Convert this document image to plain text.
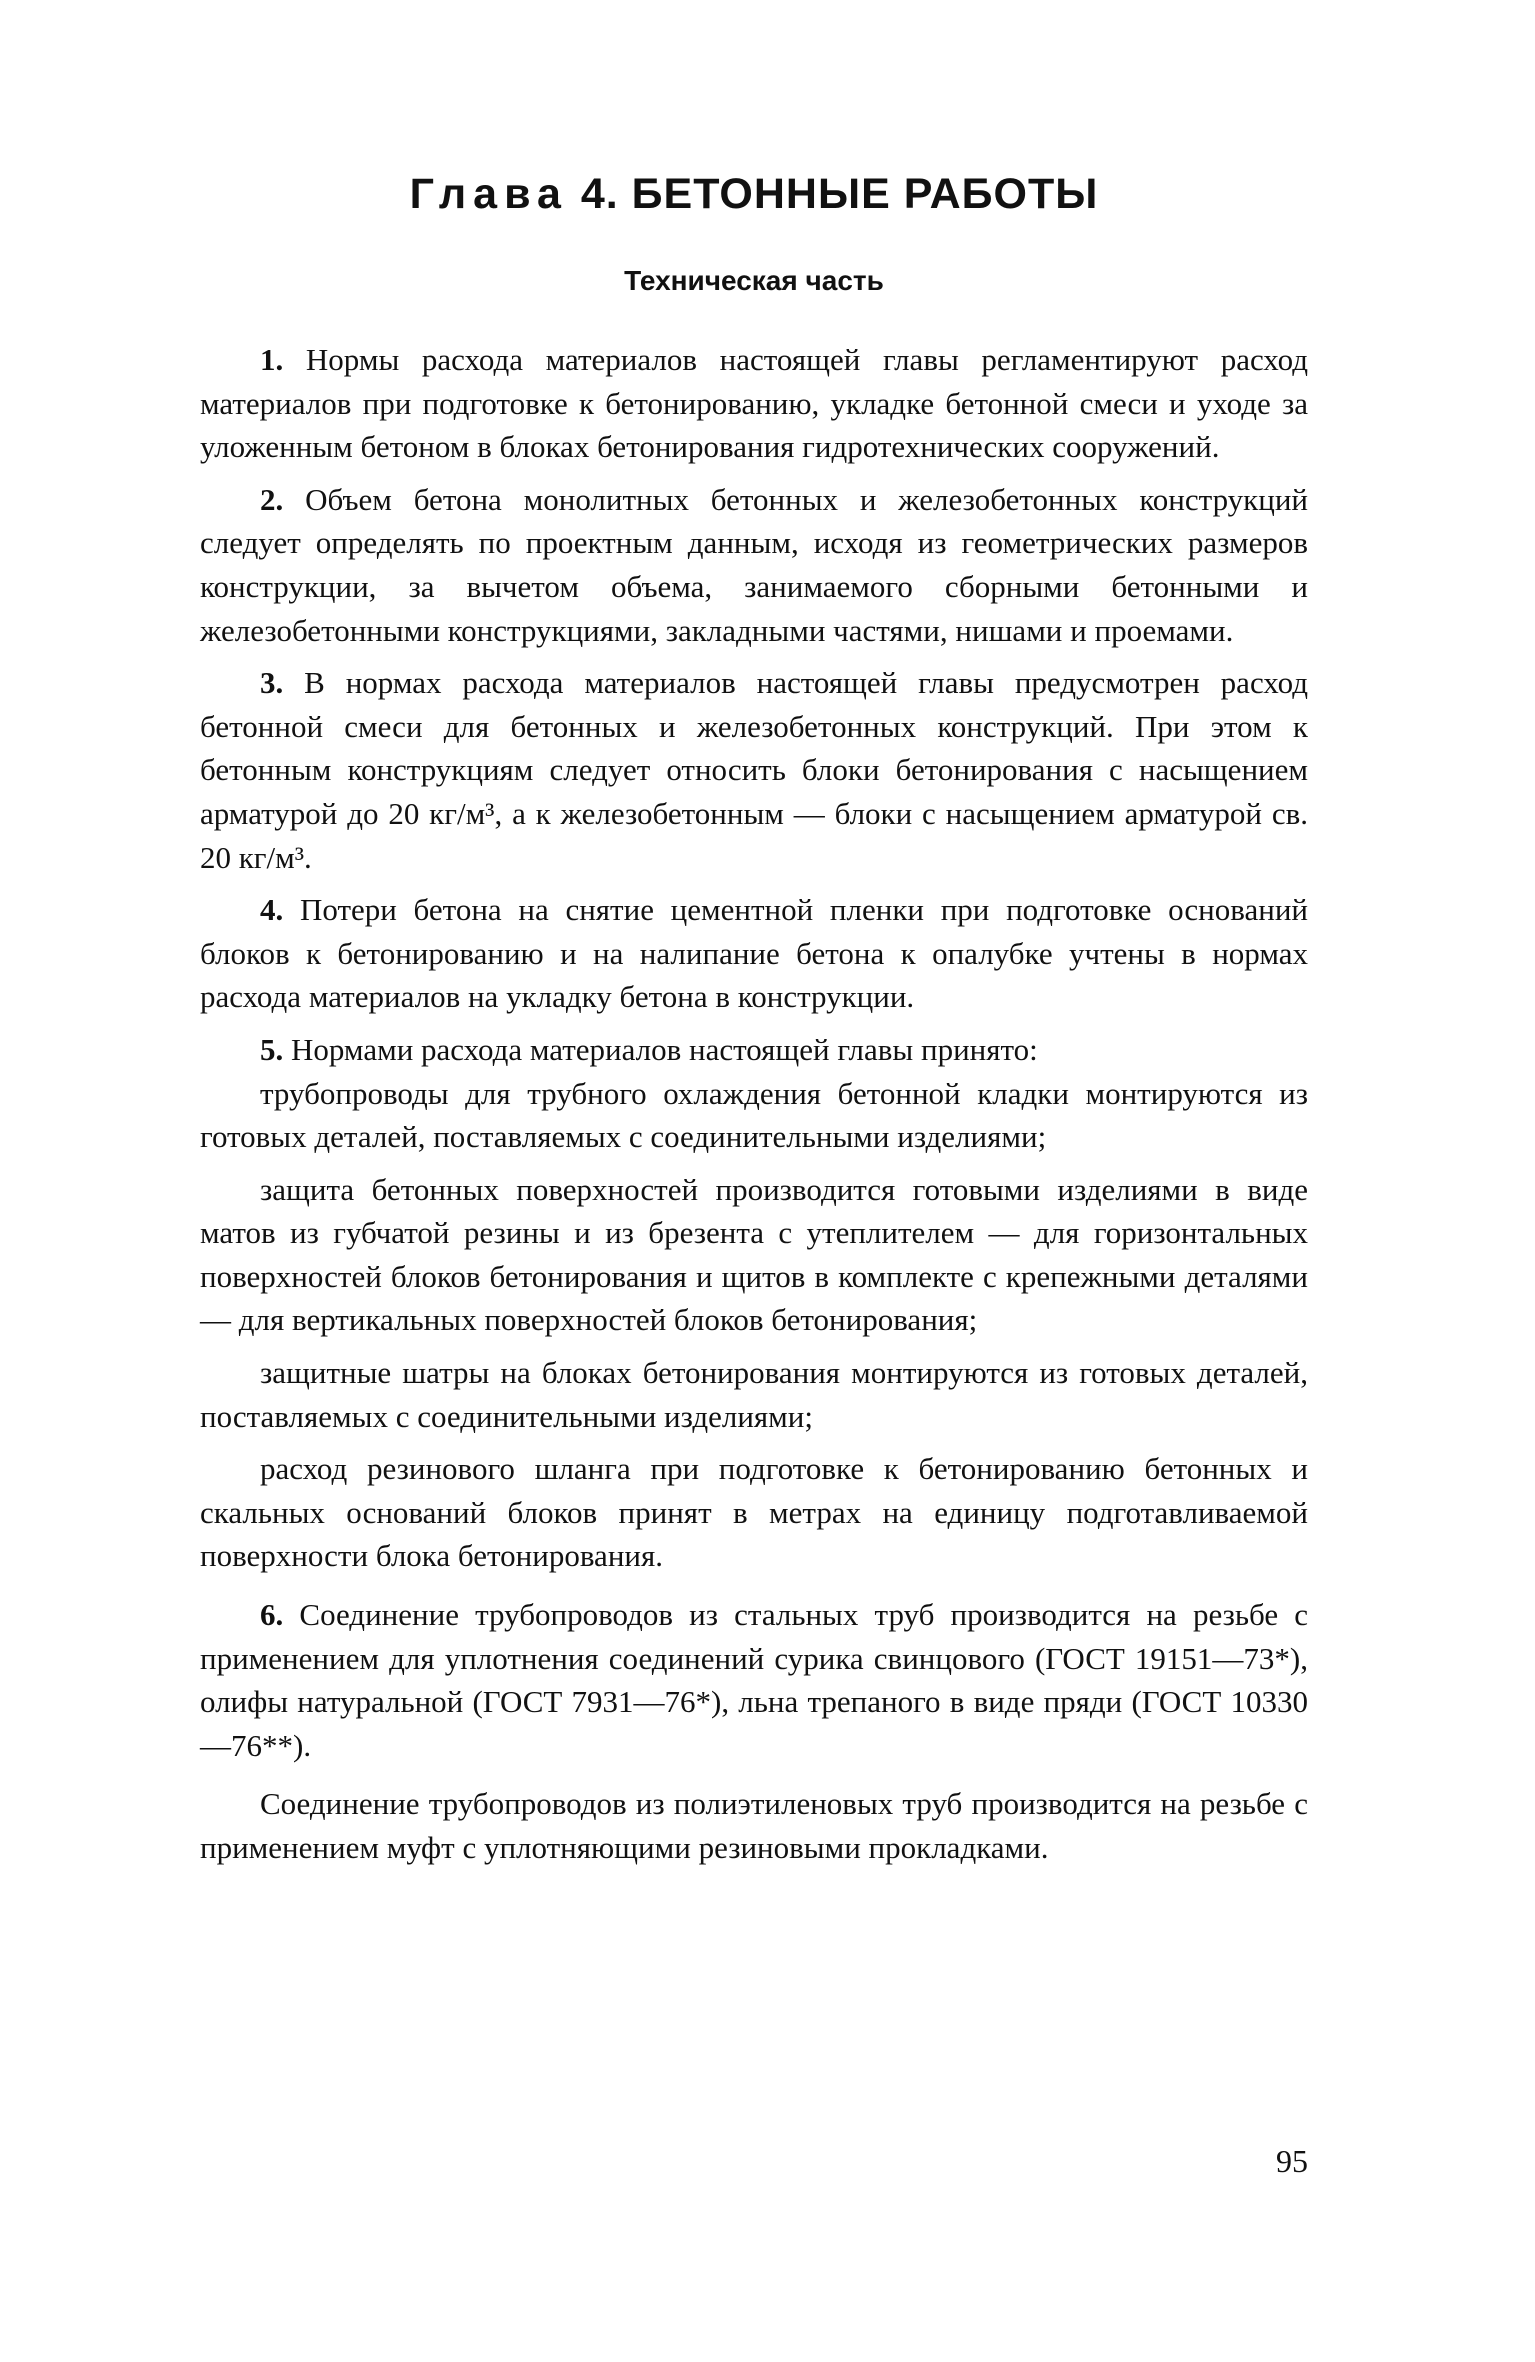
Глава 4. БЕТОННЫЕ РАБОТЫ
Техническая часть

1. Нормы расхода материалов настоящей главы регламентируют расход материалов при подготовке к бетонированию, укладке бетонной смеси и уходе за уложенным бетоном в блоках бетонирования гидротехнических сооружений.

2. Объем бетона монолитных бетонных и железобетонных конструкций следует определять по проектным данным, исходя из геометрических размеров конструкции, за вычетом объема, занимаемого сборными бетонными и железобетонными конструкциями, закладными частями, нишами и проемами.

3. В нормах расхода материалов настоящей главы предусмотрен расход бетонной смеси для бетонных и железобетонных конструкций. При этом к бетонным конструкциям следует относить блоки бетонирования с насыщением арматурой до 20 кг/м³, а к железобетонным — блоки с насыщением арматурой св. 20 кг/м³.

4. Потери бетона на снятие цементной пленки при подготовке оснований блоков к бетонированию и на налипание бетона к опалубке учтены в нормах расхода материалов на укладку бетона в конструкции.

5. Нормами расхода материалов настоящей главы принято:

трубопроводы для трубного охлаждения бетонной кладки монтируются из готовых деталей, поставляемых с соединительными изделиями;

защита бетонных поверхностей производится готовыми изделиями в виде матов из губчатой резины и из брезента с утеплителем — для горизонтальных поверхностей блоков бетонирования и щитов в комплекте с крепежными деталями — для вертикальных поверхностей блоков бетонирования;

защитные шатры на блоках бетонирования монтируются из готовых деталей, поставляемых с соединительными изделиями;

расход резинового шланга при подготовке к бетонированию бетонных и скальных оснований блоков принят в метрах на единицу подготавливаемой поверхности блока бетонирования.

6. Соединение трубопроводов из стальных труб производится на резьбе с применением для уплотнения соединений сурика свинцового (ГОСТ 19151—73*), олифы натуральной (ГОСТ 7931—76*), льна трепаного в виде пряди (ГОСТ 10330—76**).

Соединение трубопроводов из полиэтиленовых труб производится на резьбе с применением муфт с уплотняющими резиновыми прокладками.

95
